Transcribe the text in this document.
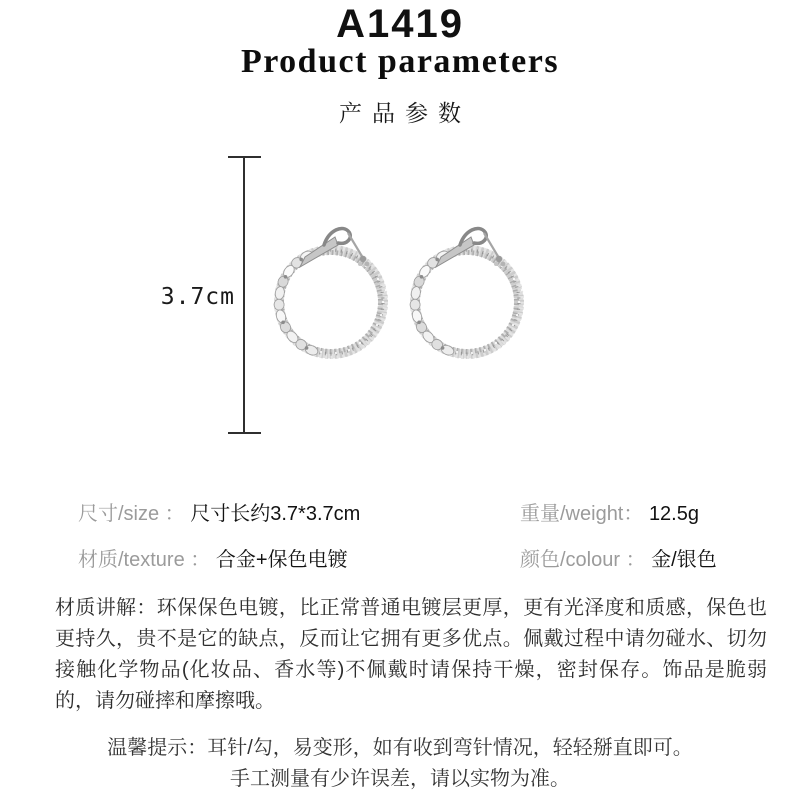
A1419
Product parameters
产品参数
3.7cm
尺寸/size ： 尺寸长约3.7*3.7cm	重量/weight： 12.5g
材质/texture ： 合金+保色电镀	颜色/colour ： 金/银色
材质讲解：环保保色电镀，比正常普通电镀层更厚，更有光泽度和质感，保色也更持久，贵不是它的缺点，反而让它拥有更多优点。佩戴过程中请勿碰水、切勿接触化学物品(化妆品、香水等)不佩戴时请保持干燥，密封保存。饰品是脆弱的，请勿碰摔和摩擦哦。
温馨提示：耳针/勾，易变形，如有收到弯针情况，轻轻掰直即可。
手工测量有少许误差，请以实物为准。
